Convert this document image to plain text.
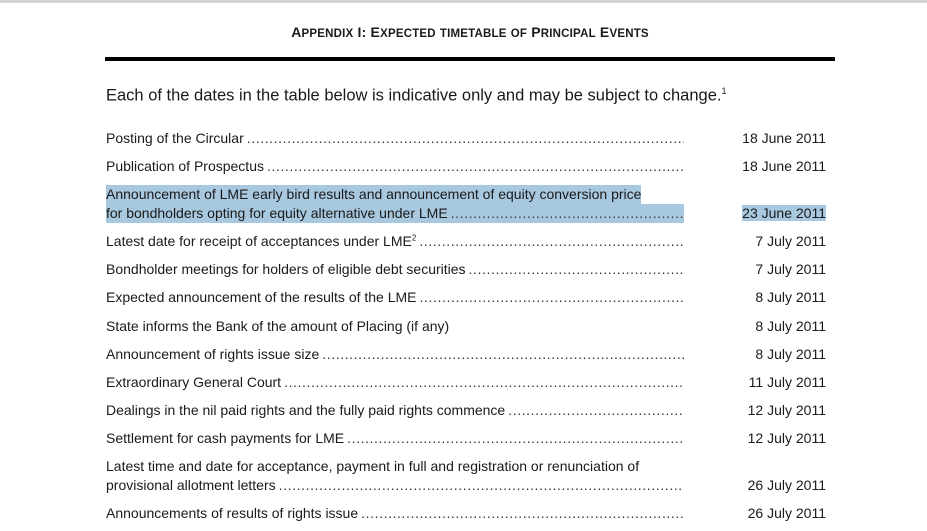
APPENDIX I: EXPECTED TIMETABLE OF PRINCIPAL EVENTS
Each of the dates in the table below is indicative only and may be subject to change.$^1$
Posting of the Circular .....	18 June 2011
Publication of Prospectus .....	18 June 2011
Announcement of LME early bird results and announcement of equity conversion price
for bondholders opting for equity alternative under LME .....	23 June 2011
Latest date for receipt of acceptances under LME$^2$ .....	7 July 2011
Bondholder meetings for holders of eligible debt securities .....	7 July 2011
Expected announcement of the results of the LME .....	8 July 2011
State informs the Bank of the amount of Placing (if any)	8 July 2011
Announcement of rights issue size .....	8 July 2011
Extraordinary General Court .....	11 July 2011
Dealings in the nil paid rights and the fully paid rights commence .....	12 July 2011
Settlement for cash payments for LME .....	12 July 2011
Latest time and date for acceptance, payment in full and registration or renunciation of
provisional allotment letters .....	26 July 2011
Announcements of results of rights issue .....	26 July 2011
